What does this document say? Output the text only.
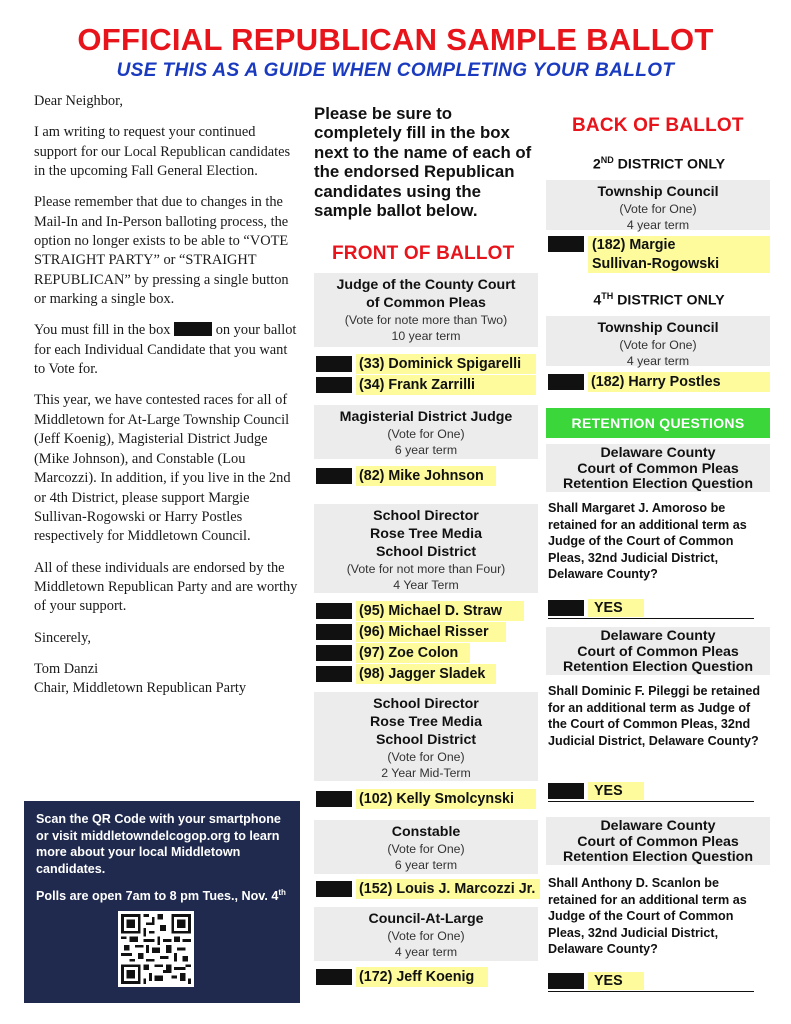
OFFICIAL REPUBLICAN SAMPLE BALLOT
USE THIS AS A GUIDE WHEN COMPLETING YOUR BALLOT

Dear Neighbor,

I am writing to request your continued support for our Local Republican candidates in the upcoming Fall General Election.

Please remember that due to changes in the Mail-In and In-Person balloting process, the option no longer exists to be able to “VOTE STRAIGHT PARTY” or “STRAIGHT REPUBLICAN” by pressing a single button or marking a single box.

You must fill in the box	on your ballot for each Individual Candidate that you want to Vote for.

This year, we have contested races for all of Middletown for At-Large Township Council (Jeff Koenig), Magisterial District Judge (Mike Johnson), and Constable (Lou Marcozzi). In addition, if you live in the 2nd or 4th District, please support Margie Sullivan-Rogowski or Harry Postles respectively for Middletown Council.

All of these individuals are endorsed by the Middletown Republican Party and are worthy of your support.

Sincerely,

Tom Danzi
Chair, Middletown Republican Party

Scan the QR Code with your smartphone or visit middletowndelcogop.org to learn more about your local Middletown candidates.

Polls are open 7am to 8 pm Tues., Nov. 4th

Please be sure to completely fill in the box next to the name of each of the endorsed Republican candidates using the sample ballot below.
FRONT OF BALLOT
Judge of the County Court of Common Pleas
(Vote for note more than Two)
10 year term
(33) Dominick Spigarelli
(34) Frank Zarrilli
Magisterial District Judge
(Vote for One)
6 year term
(82) Mike Johnson
School Director
Rose Tree Media
School District
(Vote for not more than Four)
4 Year Term
(95) Michael D. Straw
(96) Michael Risser
(97) Zoe Colon
(98) Jagger Sladek
School Director
Rose Tree Media
School District
(Vote for One)
2 Year Mid-Term
(102) Kelly Smolcynski
Constable
(Vote for One)
6 year term
(152) Louis J. Marcozzi Jr.
Council-At-Large
(Vote for One)
4 year term
(172) Jeff Koenig
BACK OF BALLOT
2ND DISTRICT ONLY
Township Council
(Vote for One)
4 year term
(182) Margie
Sullivan-Rogowski
4TH DISTRICT ONLY
Township Council
(Vote for One)
4 year term
(182) Harry Postles
RETENTION QUESTIONS
Delaware County
Court of Common Pleas
Retention Election Question
Shall Margaret J. Amoroso be retained for an additional term as Judge of the Court of Common Pleas, 32nd Judicial District, Delaware County?
YES
Delaware County
Court of Common Pleas
Retention Election Question
Shall Dominic F. Pileggi be retained for an additional term as Judge of the Court of Common Pleas, 32nd Judicial District, Delaware County?
YES
Delaware County
Court of Common Pleas
Retention Election Question
Shall Anthony D. Scanlon be retained for an additional term as Judge of the Court of Common Pleas, 32nd Judicial District, Delaware County?
YES
